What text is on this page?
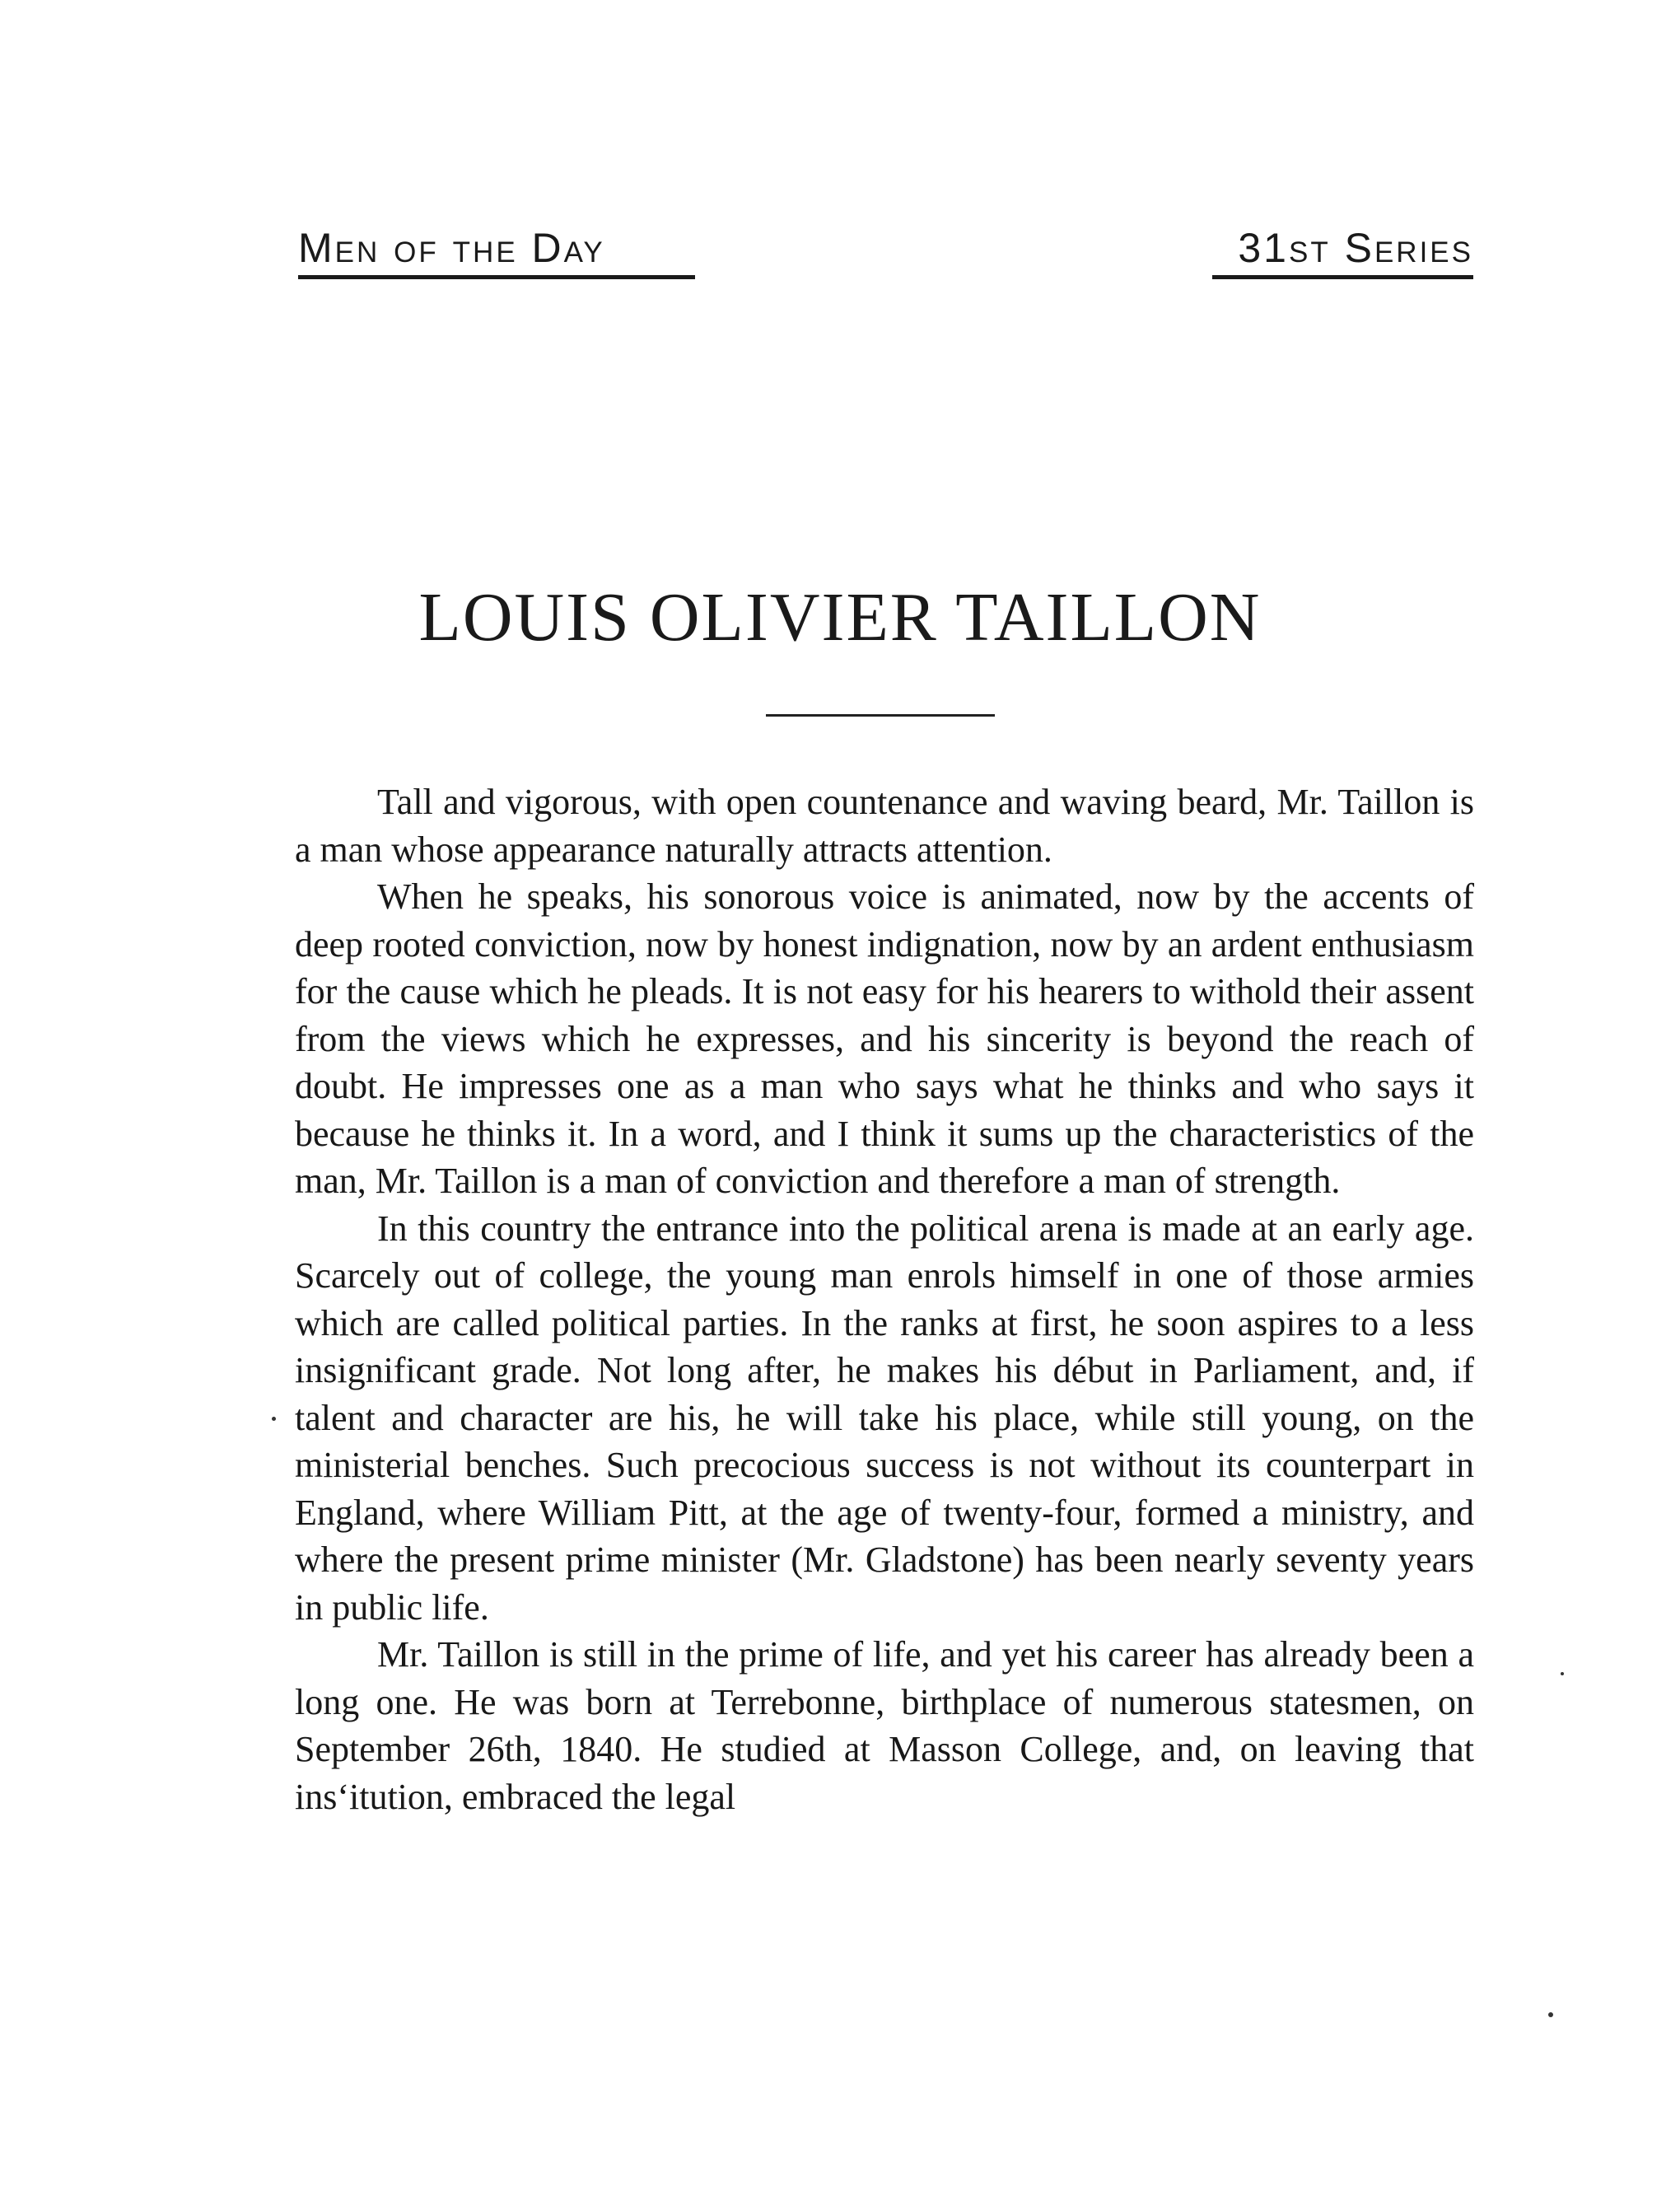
Men of the Day	31st Series
LOUIS OLIVIER TAILLON

Tall and vigorous, with open countenance and waving beard, Mr. Taillon is a man whose appearance naturally attracts attention.

When he speaks, his sonorous voice is animated, now by the accents of deep rooted conviction, now by honest indignation, now by an ardent enthusiasm for the cause which he pleads. It is not easy for his hearers to withold their assent from the views which he expresses, and his sincerity is beyond the reach of doubt. He impresses one as a man who says what he thinks and who says it because he thinks it. In a word, and I think it sums up the characteristics of the man, Mr. Taillon is a man of conviction and therefore a man of strength.

In this country the entrance into the political arena is made at an early age. Scarcely out of college, the young man enrols himself in one of those armies which are called political parties. In the ranks at first, he soon aspires to a less insignificant grade. Not long after, he makes his début in Parliament, and, if talent and character are his, he will take his place, while still young, on the ministerial benches. Such precocious success is not without its counterpart in England, where William Pitt, at the age of twenty-four, formed a ministry, and where the present prime minister (Mr. Gladstone) has been nearly seventy years in public life.

Mr. Taillon is still in the prime of life, and yet his career has already been a long one. He was born at Terrebonne, birthplace of numerous statesmen, on September 26th, 1840. He studied at Masson College, and, on leaving that insʻitution, embraced the legal
